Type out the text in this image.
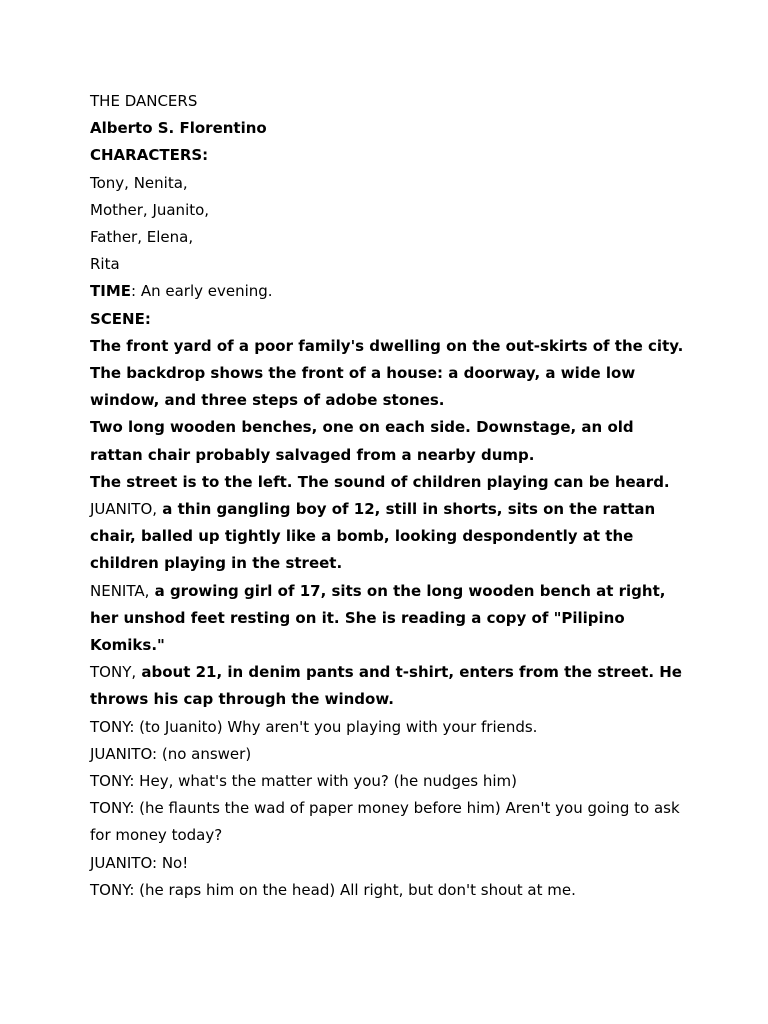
THE DANCERS

Alberto S. Florentino

CHARACTERS:

Tony, Nenita,

Mother, Juanito,

Father, Elena,

Rita

TIME: An early evening.

SCENE:

The front yard of a poor family's dwelling on the out-skirts of the city.

The backdrop shows the front of a house: a doorway, a wide low window, and three steps of adobe stones.

Two long wooden benches, one on each side. Downstage, an old rattan chair probably salvaged from a nearby dump.

The street is to the left. The sound of children playing can be heard.

JUANITO, a thin gangling boy of 12, still in shorts, sits on the rattan chair, balled up tightly like a bomb, looking despondently at the children playing in the street.

NENITA, a growing girl of 17, sits on the long wooden bench at right, her unshod feet resting on it. She is reading a copy of "Pilipino Komiks."

TONY, about 21, in denim pants and t-shirt, enters from the street. He throws his cap through the window.

TONY: (to Juanito) Why aren't you playing with your friends.

JUANITO: (no answer)

TONY: Hey, what's the matter with you? (he nudges him)

TONY: (he flaunts the wad of paper money before him) Aren't you going to ask for money today?

JUANITO: No!

TONY: (he raps him on the head) All right, but don't shout at me.
